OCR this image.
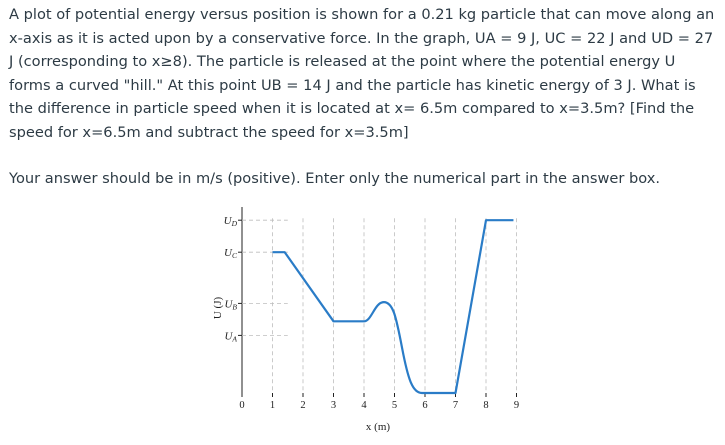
A plot of potential energy versus position is shown for a 0.21 kg particle that can move along an x-axis as it is acted upon by a conservative force. In the graph, UA = 9 J, UC = 22 J and UD = 27 J (corresponding to x≥8). The particle is released at the point where the potential energy U forms a curved "hill." At this point UB = 14 J and the particle has kinetic energy of 3 J. What is the difference in particle speed when it is located at x= 6.5m compared to x=3.5m? [Find the speed for x=6.5m and subtract the speed for x=3.5m]

UD
UC
UB
UA
0 1 2 3 4 5 6 7 8 9
U (J)
x (m)

Your answer should be in m/s (positive). Enter only the numerical part in the answer box.
